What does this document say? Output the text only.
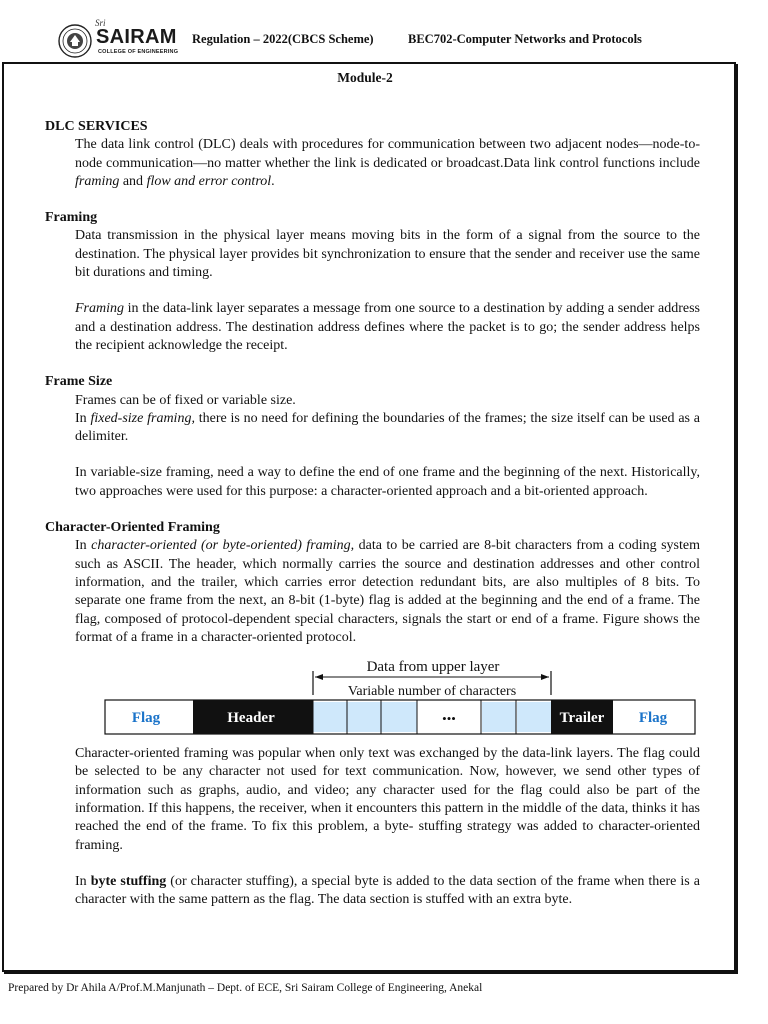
Sri
SAIRAM
COLLEGE OF ENGINEERING
Regulation – 2022(CBCS Scheme)	BEC702-Computer Networks and Protocols
Module-2

DLC SERVICES

The data link control (DLC) deals with procedures for communication between two adjacent nodes—node-to-node communication—no matter whether the link is dedicated or broadcast.Data link control functions include framing and flow and error control.

Framing

Data transmission in the physical layer means moving bits in the form of a signal from the source to the destination. The physical layer provides bit synchronization to ensure that the sender and receiver use the same bit durations and timing.

Framing in the data-link layer separates a message from one source to a destination by adding a sender address and a destination address. The destination address defines where the packet is to go; the sender address helps the recipient acknowledge the receipt.

Frame Size

Frames can be of fixed or variable size.

In fixed-size framing, there is no need for defining the boundaries of the frames; the size itself can be used as a delimiter.

In variable-size framing, need a way to define the end of one frame and the beginning of the next. Historically, two approaches were used for this purpose: a character-oriented approach and a bit-oriented approach.

Character-Oriented Framing

In character-oriented (or byte-oriented) framing, data to be carried are 8-bit characters from a coding system such as ASCII. The header, which normally carries the source and destination addresses and other control information, and the trailer, which carries error detection redundant bits, are also multiples of 8 bits. To separate one frame from the next, an 8-bit (1-byte) flag is added at the beginning and the end of a frame. The flag, composed of protocol-dependent special characters, signals the start or end of a frame. Figure shows the format of a frame in a character-oriented protocol.

Data from upper layer
Variable number of characters
Flag	Header	•••	Trailer Flag

Character-oriented framing was popular when only text was exchanged by the data-link layers. The flag could be selected to be any character not used for text communication. Now, however, we send other types of information such as graphs, audio, and video; any character used for the flag could also be part of the information. If this happens, the receiver, when it encounters this pattern in the middle of the data, thinks it has reached the end of the frame. To fix this problem, a byte- stuffing strategy was added to character-oriented framing.

In byte stuffing (or character stuffing), a special byte is added to the data section of the frame when there is a character with the same pattern as the flag. The data section is stuffed with an extra byte.

Prepared by Dr Ahila A/Prof.M.Manjunath – Dept. of ECE, Sri Sairam College of Engineering, Anekal
